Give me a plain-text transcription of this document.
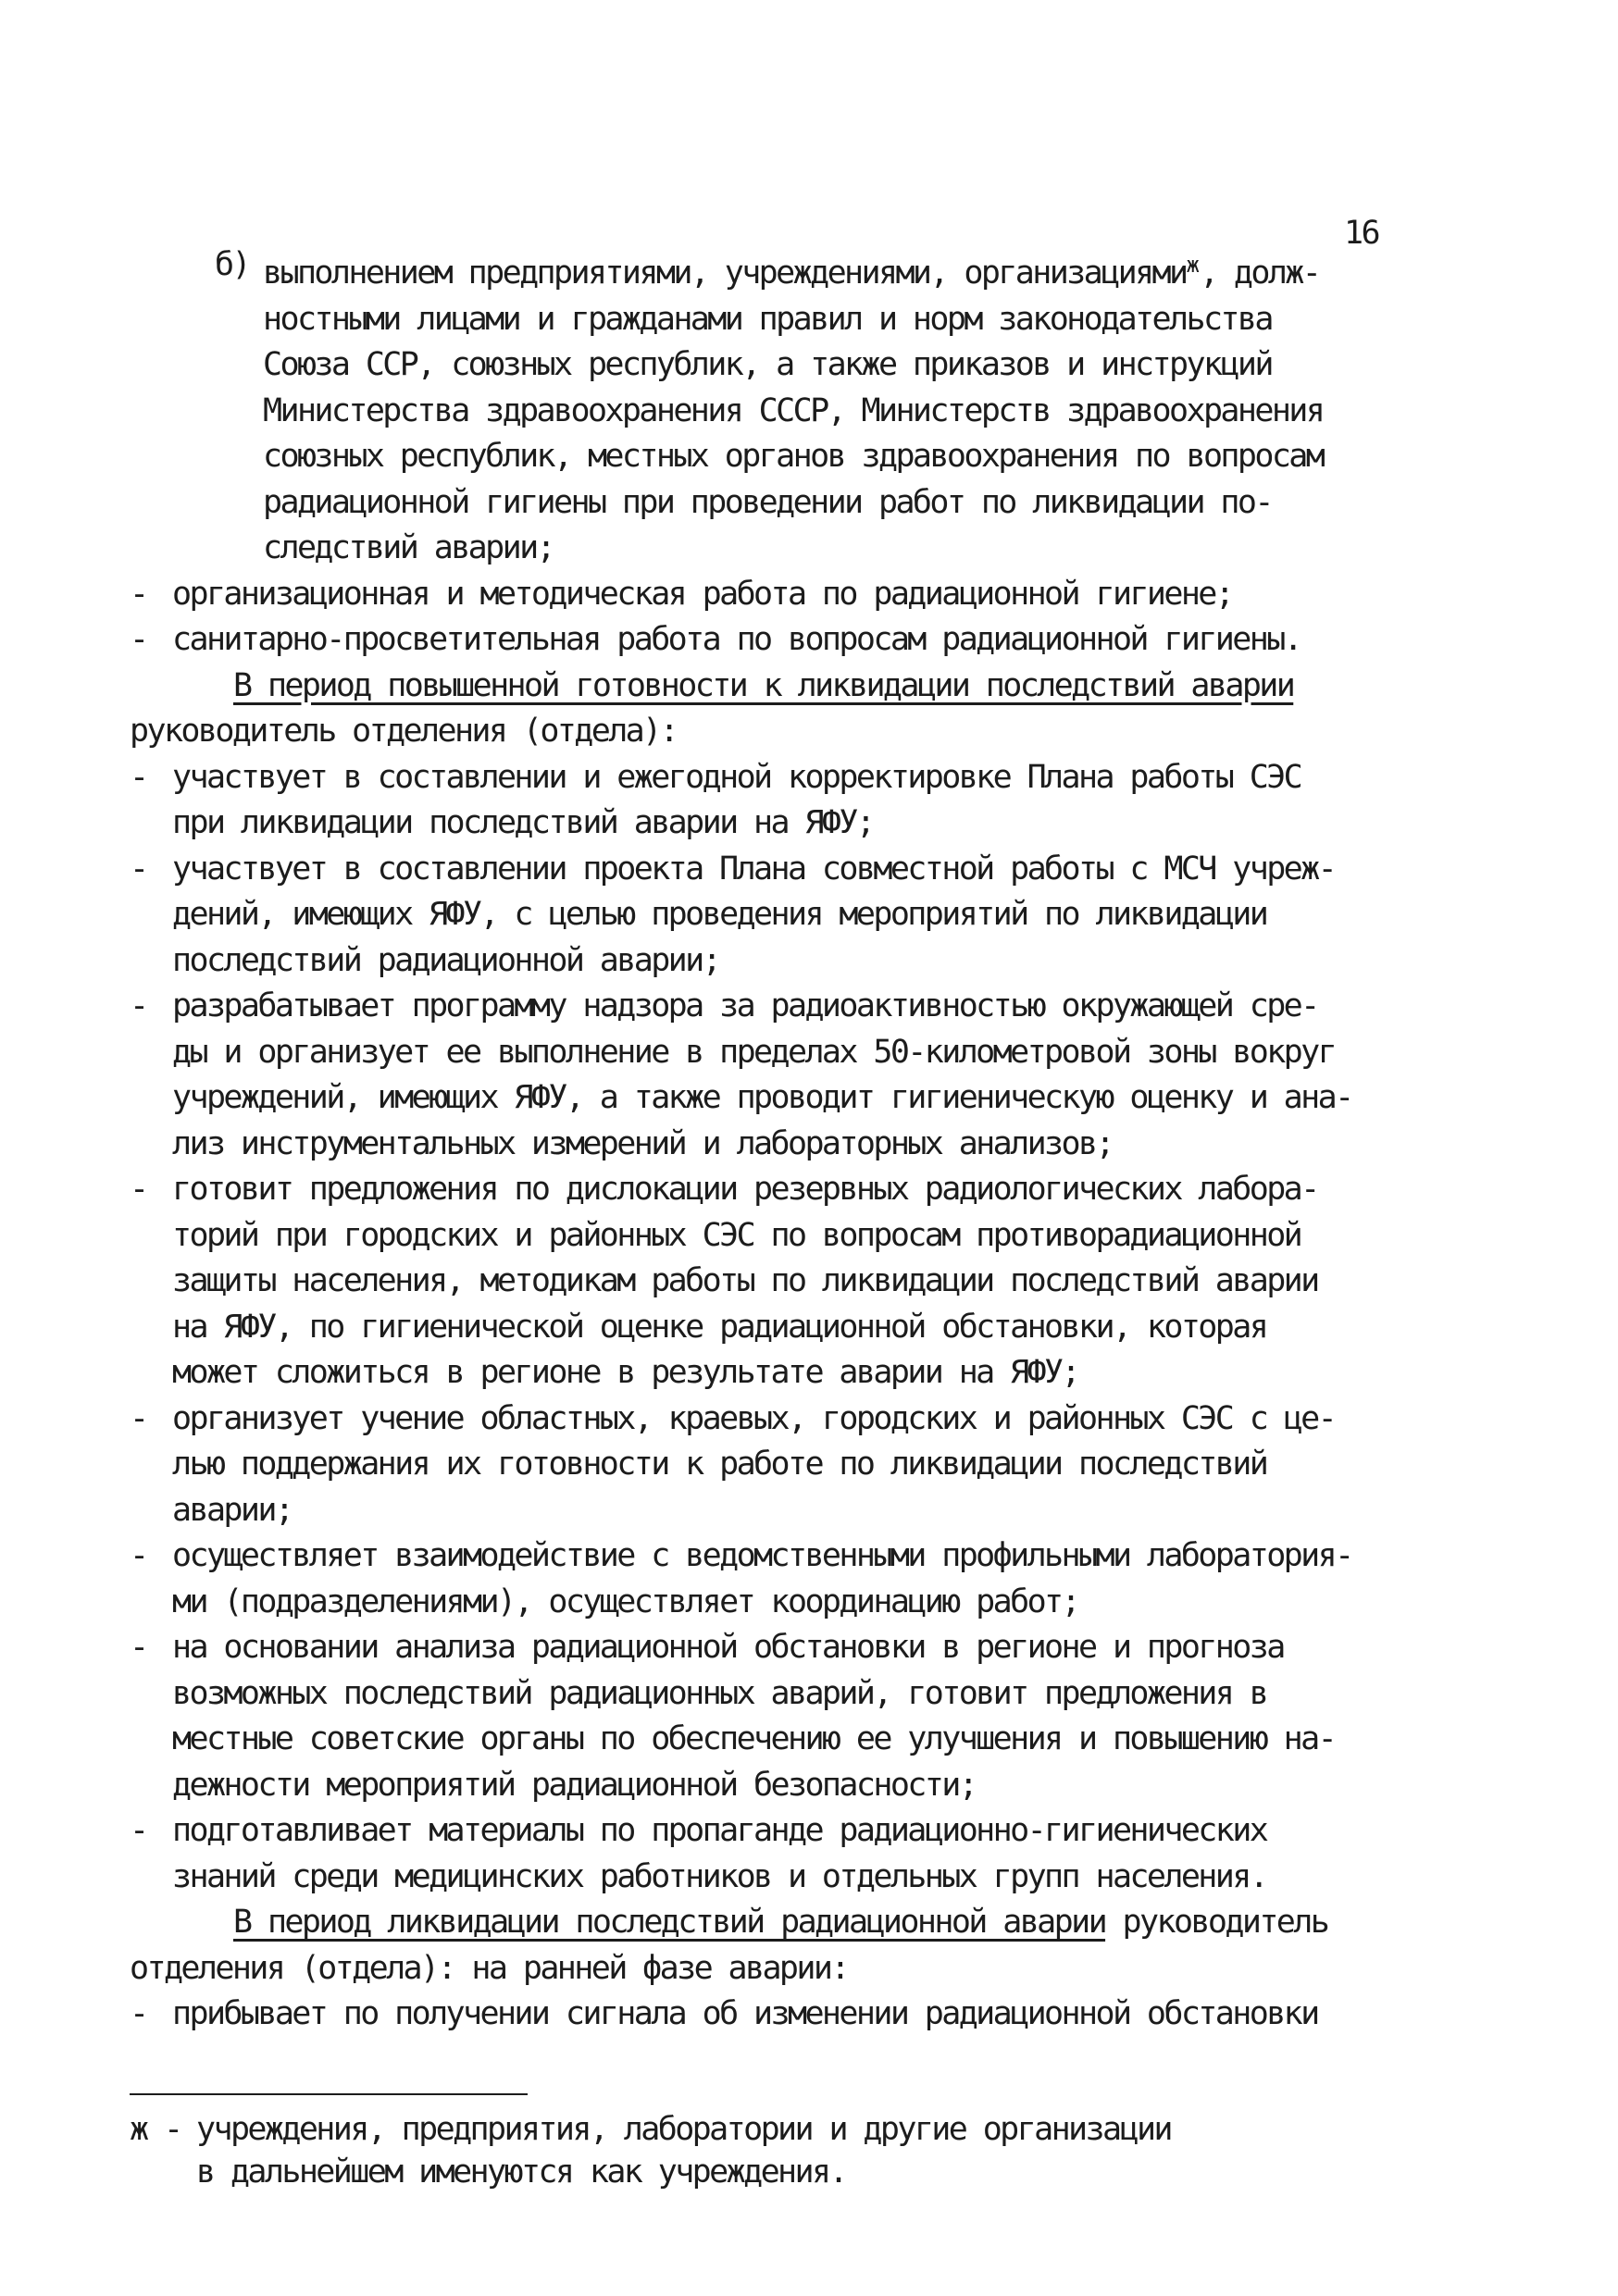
16
б) выполнением предприятиями, учреждениями, организациями$^ж$, долж-
ностными лицами и гражданами правил и норм законодательства
Союза ССР, союзных республик, а также приказов и инструкций
Министерства здравоохранения СССР, Министерств здравоохранения
союзных республик, местных органов здравоохранения по вопросам
радиационной гигиены при проведении работ по ликвидации по-
следствий аварии;
- организационная и методическая работа по радиационной гигиене;
- санитарно-просветительная работа по вопросам радиационной гигиены.
В период повышенной готовности к ликвидации последствий аварии
руководитель отделения (отдела):
- участвует в составлении и ежегодной корректировке Плана работы СЭС
при ликвидации последствий аварии на ЯФУ;
- участвует в составлении проекта Плана совместной работы с МСЧ учреж-
дений, имеющих ЯФУ, с целью проведения мероприятий по ликвидации
последствий радиационной аварии;
- разрабатывает программу надзора за радиоактивностью окружающей сре-
ды и организует ее выполнение в пределах 50-километровой зоны вокруг
учреждений, имеющих ЯФУ, а также проводит гигиеническую оценку и ана-
лиз инструментальных измерений и лабораторных анализов;
- готовит предложения по дислокации резервных радиологических лабора-
торий при городских и районных СЭС по вопросам противорадиационной
защиты населения, методикам работы по ликвидации последствий аварии
на ЯФУ, по гигиенической оценке радиационной обстановки, которая
может сложиться в регионе в результате аварии на ЯФУ;
- организует учение областных, краевых, городских и районных СЭС с це-
лью поддержания их готовности к работе по ликвидации последствий
аварии;
- осуществляет взаимодействие с ведомственными профильными лаборатория-
ми (подразделениями), осуществляет координацию работ;
- на основании анализа радиационной обстановки в регионе и прогноза
возможных последствий радиационных аварий, готовит предложения в
местные советские органы по обеспечению ее улучшения и повышению на-
дежности мероприятий радиационной безопасности;
- подготавливает материалы по пропаганде радиационно-гигиенических
знаний среди медицинских работников и отдельных групп населения.
В период ликвидации последствий радиационной аварии руководитель
отделения (отдела): на ранней фазе аварии:
- прибывает по получении сигнала об изменении радиационной обстановки
ж - учреждения, предприятия, лаборатории и другие организации
в дальнейшем именуются как учреждения.
